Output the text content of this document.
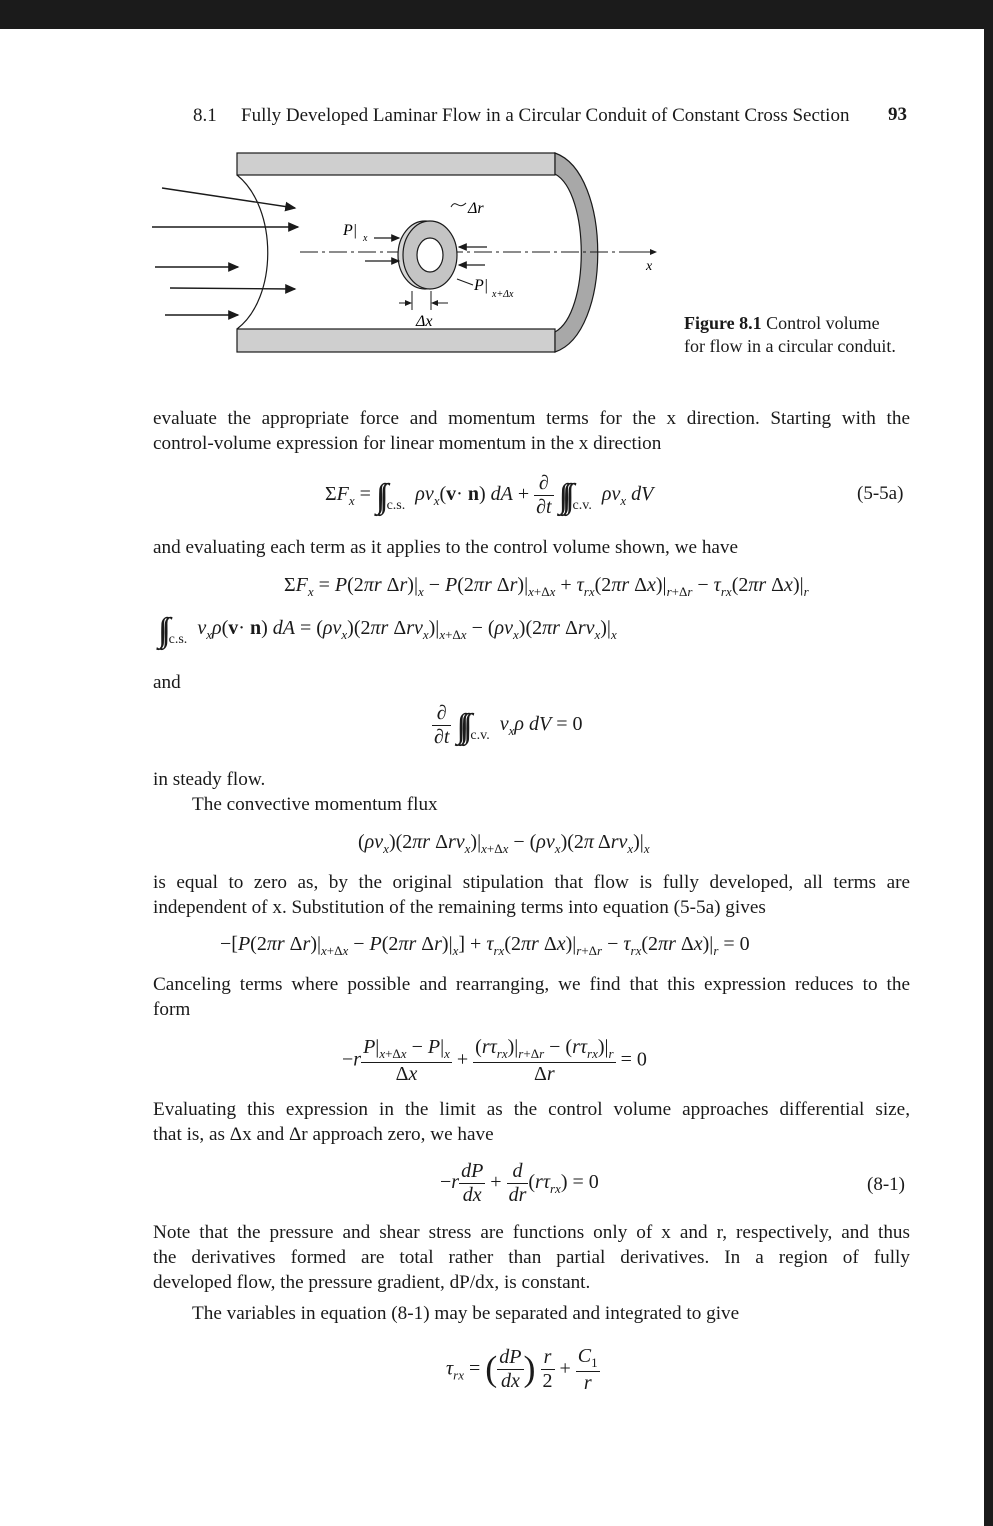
8.1 Fully Developed Laminar Flow in a Circular Conduit of Constant Cross Section 93
Δr
P| x
P|
x+Δx
Δx
x
Figure 8.1 Control volume
for flow in a circular conduit.
evaluate the appropriate force and momentum terms for the x direction. Starting with the
control-volume expression for linear momentum in the x direction
$\Sigma F_x$ = ∫∫ $_{c.s.}$  $\rho v_x(v\cdot n)$ dA + $\frac{\partial}{\partial t}$ ∫∫∫ $_{c.v.}$  $\rho v_x$ dV	(5-5a)
and evaluating each term as it applies to the control volume shown, we have
$\Sigma F_x = P(2\pi r$ $\Delta r)|_x - P(2\pi r$ $\Delta r)|_{x+\Delta x} + \tau_{rx}(2\pi r$ $\Delta x)|_{r+\Delta r} - \tau_{rx}(2\pi r$ $\Delta x)|_r$
∫∫ $_{c.s.}$  $v_x\rho(v\cdot n)$ dA = $(\rho v_x)(2\pi r$ $\Delta rv_x)|_{x+\Delta x} - (\rho v_x)(2\pi r$ $\Delta rv_x)|_x$
and
$\frac{\partial}{\partial t}$ ∫∫∫ $_{c.v.}$  $v_x\rho$ dV = 0
in steady flow.
The convective momentum flux
$(\rho v_x)(2\pi r$ $\Delta rv_x)|_{x+\Delta x} - (\rho v_x)(2\pi$ $\Delta rv_x)|_x$
is equal to zero as, by the original stipulation that flow is fully developed, all terms are
independent of x. Substitution of the remaining terms into equation (5-5a) gives
−[P(2πr $\Delta r)|_{x+\Delta x} - P(2\pi r$ $\Delta r)|_x] + \tau_{rx}(2\pi r$ $\Delta x)|_{r+\Delta r} - \tau_{rx}(2\pi r$ $\Delta x)|_r = 0$
Canceling terms where possible and rearranging, we find that this expression reduces to the
form
$-r \frac{P|_{x+\Delta x} - P|_x}{\Delta x} + \frac{(r\tau_{rx})|_{r+\Delta r} - (r\tau_{rx})|_r}{\Delta r} = 0$
Evaluating this expression in the limit as the control volume approaches differential size,
that is, as Δx and Δr approach zero, we have
$-r \frac{dP}{dx} + \frac{d}{dr} (r\tau_{rx}) = 0$	(8-1)
Note that the pressure and shear stress are functions only of x and r, respectively, and thus
the derivatives formed are total rather than partial derivatives. In a region of fully
developed flow, the pressure gradient, dP/dx, is constant.
The variables in equation (8-1) may be separated and integrated to give
$\tau_{rx}$ = ( $\frac{dP}{dx}$ ) $\frac{r}{2} + \frac{C_1}{r}$
